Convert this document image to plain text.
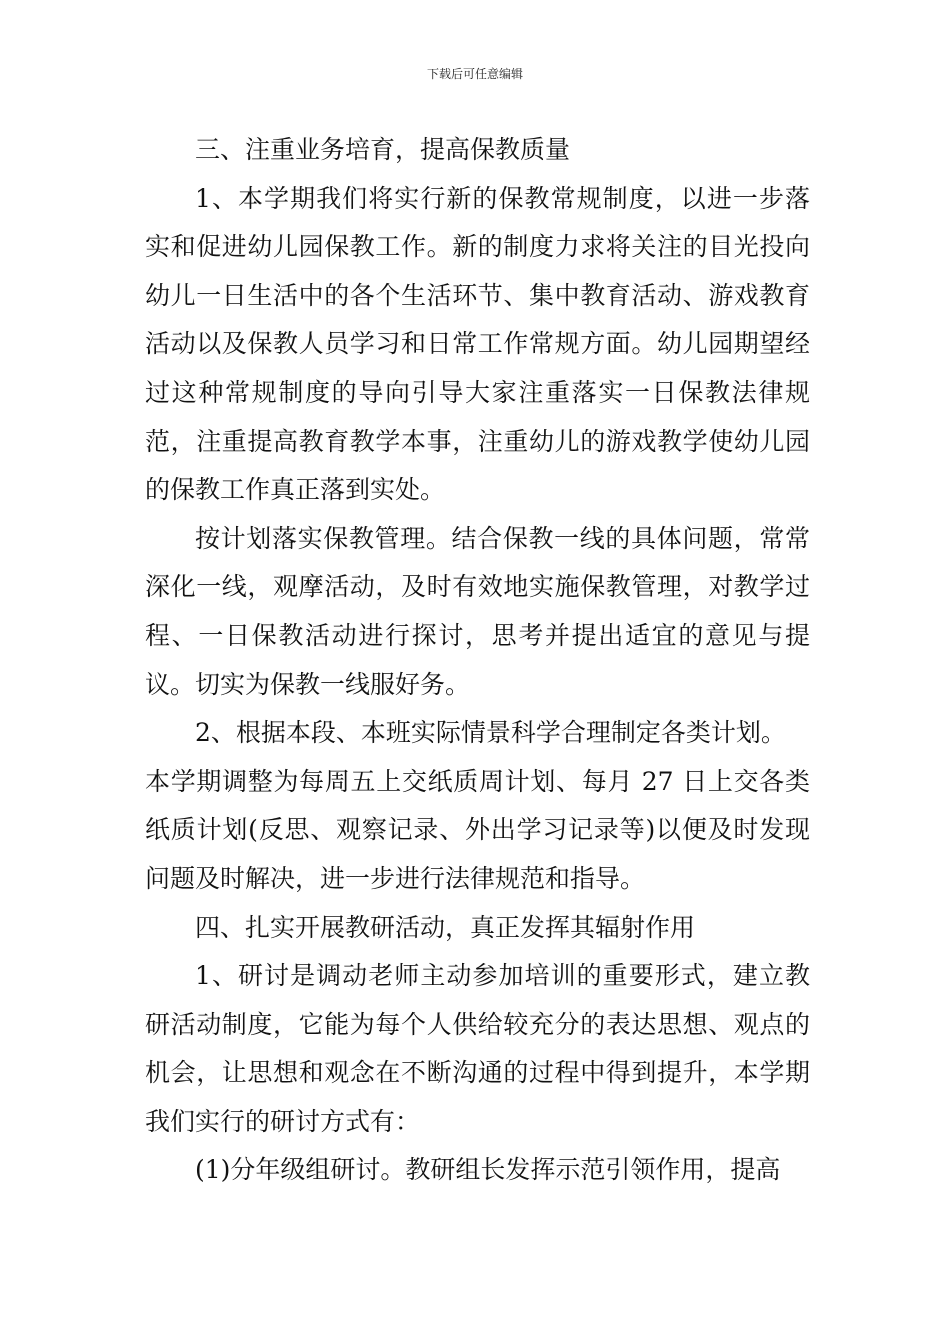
下载后可任意编辑

三、注重业务培育，提高保教质量

1、本学期我们将实行新的保教常规制度，以进一步落实和促进幼儿园保教工作。新的制度力求将关注的目光投向幼儿一日生活中的各个生活环节、集中教育活动、游戏教育活动以及保教人员学习和日常工作常规方面。幼儿园期望经过这种常规制度的导向引导大家注重落实一日保教法律规范，注重提高教育教学本事，注重幼儿的游戏教学使幼儿园的保教工作真正落到实处。

按计划落实保教管理。结合保教一线的具体问题，常常深化一线，观摩活动，及时有效地实施保教管理，对教学过程、一日保教活动进行探讨，思考并提出适宜的意见与提议。切实为保教一线服好务。

2、根据本段、本班实际情景科学合理制定各类计划。

本学期调整为每周五上交纸质周计划、每月 27 日上交各类纸质计划(反思、观察记录、外出学习记录等)以便及时发现问题及时解决，进一步进行法律规范和指导。

四、扎实开展教研活动，真正发挥其辐射作用

1、研讨是调动老师主动参加培训的重要形式，建立教研活动制度，它能为每个人供给较充分的表达思想、观点的机会，让思想和观念在不断沟通的过程中得到提升，本学期我们实行的研讨方式有：

(1)分年级组研讨。教研组长发挥示范引领作用，提高
